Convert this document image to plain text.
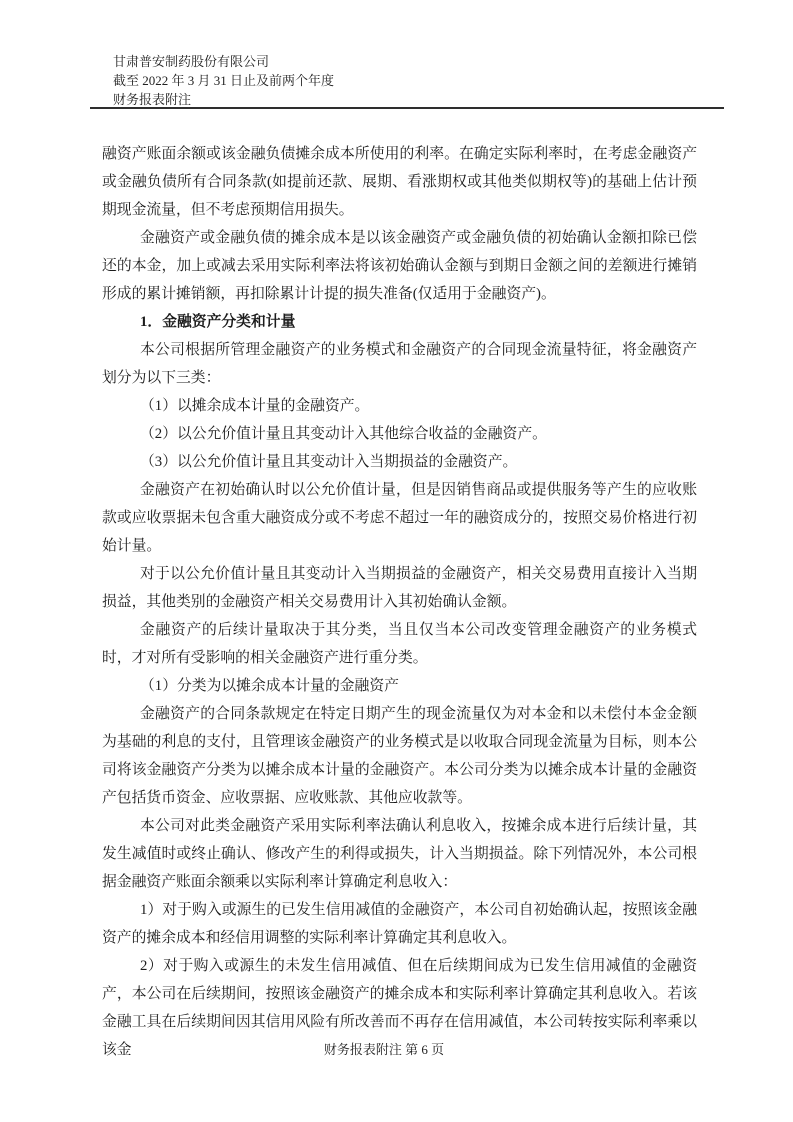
甘肃普安制药股份有限公司
截至 2022 年 3 月 31 日止及前两个年度
财务报表附注

融资产账面余额或该金融负债摊余成本所使用的利率。在确定实际利率时，在考虑金融资产或金融负债所有合同条款(如提前还款、展期、看涨期权或其他类似期权等)的基础上估计预期现金流量，但不考虑预期信用损失。

金融资产或金融负债的摊余成本是以该金融资产或金融负债的初始确认金额扣除已偿还的本金，加上或减去采用实际利率法将该初始确认金额与到期日金额之间的差额进行摊销形成的累计摊销额，再扣除累计计提的损失准备(仅适用于金融资产)。

1．金融资产分类和计量

本公司根据所管理金融资产的业务模式和金融资产的合同现金流量特征，将金融资产划分为以下三类：

（1）以摊余成本计量的金融资产。

（2）以公允价值计量且其变动计入其他综合收益的金融资产。

（3）以公允价值计量且其变动计入当期损益的金融资产。

金融资产在初始确认时以公允价值计量，但是因销售商品或提供服务等产生的应收账款或应收票据未包含重大融资成分或不考虑不超过一年的融资成分的，按照交易价格进行初始计量。

对于以公允价值计量且其变动计入当期损益的金融资产，相关交易费用直接计入当期损益，其他类别的金融资产相关交易费用计入其初始确认金额。

金融资产的后续计量取决于其分类，当且仅当本公司改变管理金融资产的业务模式时，才对所有受影响的相关金融资产进行重分类。

（1）分类为以摊余成本计量的金融资产

金融资产的合同条款规定在特定日期产生的现金流量仅为对本金和以未偿付本金金额为基础的利息的支付，且管理该金融资产的业务模式是以收取合同现金流量为目标，则本公司将该金融资产分类为以摊余成本计量的金融资产。本公司分类为以摊余成本计量的金融资产包括货币资金、应收票据、应收账款、其他应收款等。

本公司对此类金融资产采用实际利率法确认利息收入，按摊余成本进行后续计量，其发生减值时或终止确认、修改产生的利得或损失，计入当期损益。除下列情况外，本公司根据金融资产账面余额乘以实际利率计算确定利息收入：

1）对于购入或源生的已发生信用减值的金融资产，本公司自初始确认起，按照该金融资产的摊余成本和经信用调整的实际利率计算确定其利息收入。

2）对于购入或源生的未发生信用减值、但在后续期间成为已发生信用减值的金融资产，本公司在后续期间，按照该金融资产的摊余成本和实际利率计算确定其利息收入。若该金融工具在后续期间因其信用风险有所改善而不再存在信用减值，本公司转按实际利率乘以该金	财务报表附注 第 6 页
